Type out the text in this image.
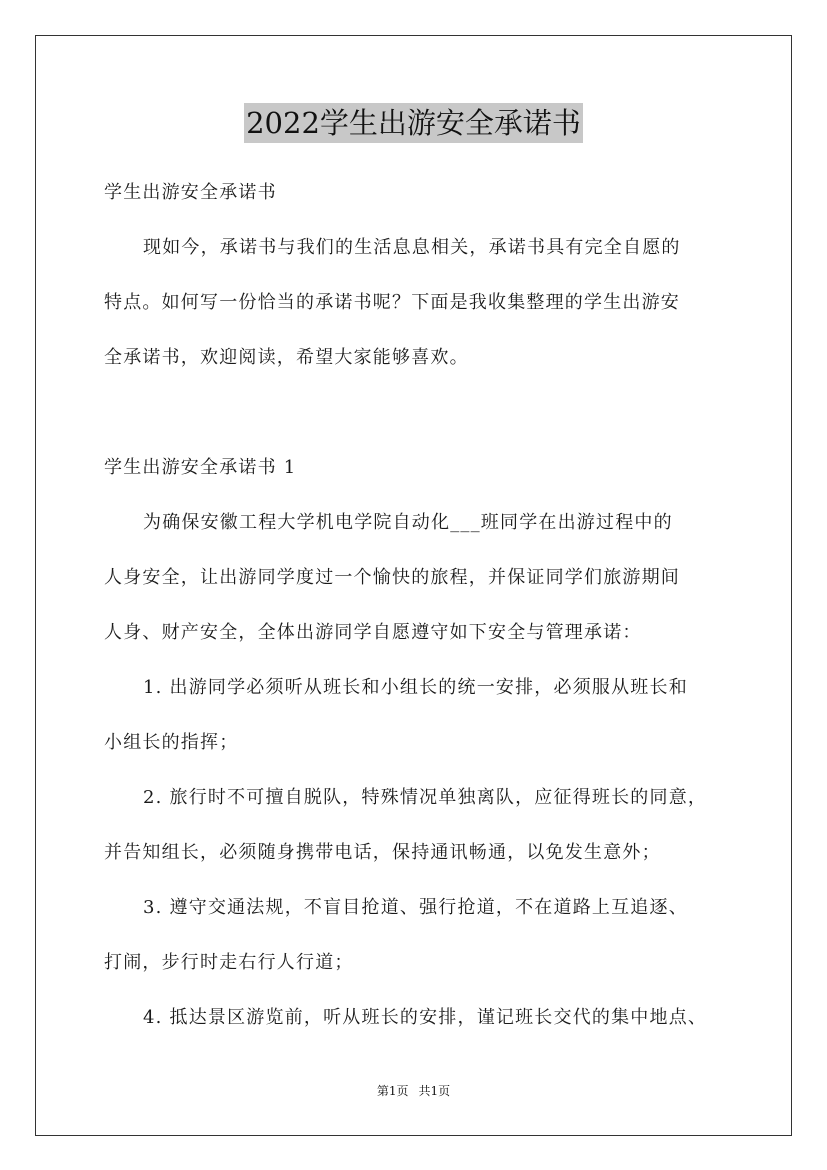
2022学生出游安全承诺书
学生出游安全承诺书
现如今，承诺书与我们的生活息息相关，承诺书具有完全自愿的
特点。如何写一份恰当的承诺书呢？下面是我收集整理的学生出游安
全承诺书，欢迎阅读，希望大家能够喜欢。
学生出游安全承诺书 1
为确保安徽工程大学机电学院自动化___班同学在出游过程中的
人身安全，让出游同学度过一个愉快的旅程，并保证同学们旅游期间
人身、财产安全，全体出游同学自愿遵守如下安全与管理承诺：
1. 出游同学必须听从班长和小组长的统一安排，必须服从班长和
小组长的指挥；
2. 旅行时不可擅自脱队，特殊情况单独离队，应征得班长的同意，
并告知组长，必须随身携带电话，保持通讯畅通，以免发生意外；
3. 遵守交通法规，不盲目抢道、强行抢道，不在道路上互追逐、
打闹，步行时走右行人行道；
4. 抵达景区游览前，听从班长的安排，谨记班长交代的集中地点、
第1页 共1页
